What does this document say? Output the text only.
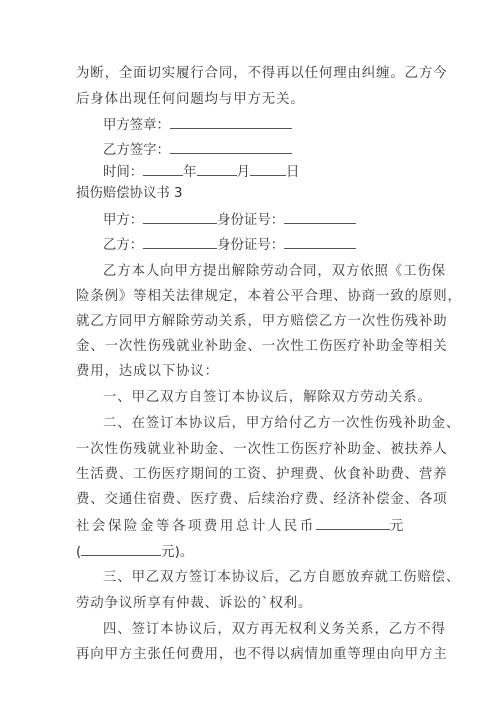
为断，全面切实履行合同，不得再以任何理由纠缠。乙方今
后身体出现任何问题均与甲方无关。
甲方签章：
乙方签字：
时间：	年	月	日
损伤赔偿协议书 3
甲方：	身份证号：
乙方：	身份证号：
乙方本人向甲方提出解除劳动合同，双方依照《工伤保
险条例》等相关法律规定，本着公平合理、协商一致的原则，
就乙方同甲方解除劳动关系，甲方赔偿乙方一次性伤残补助
金、一次性伤残就业补助金、一次性工伤医疗补助金等相关
费用，达成以下协议：
一、甲乙双方自签订本协议后，解除双方劳动关系。
二、在签订本协议后，甲方给付乙方一次性伤残补助金、
一次性伤残就业补助金、一次性工伤医疗补助金、被扶养人
生活费、工伤医疗期间的工资、护理费、伙食补助费、营养
费、交通住宿费、医疗费、后续治疗费、经济补偿金、各项
社会保险金等各项费用总计人民币	元
(	元)。
三、甲乙双方签订本协议后，乙方自愿放弃就工伤赔偿、
劳动争议所享有仲裁、诉讼的`权利。
四、签订本协议后，双方再无权利义务关系，乙方不得
再向甲方主张任何费用，也不得以病情加重等理由向甲方主
